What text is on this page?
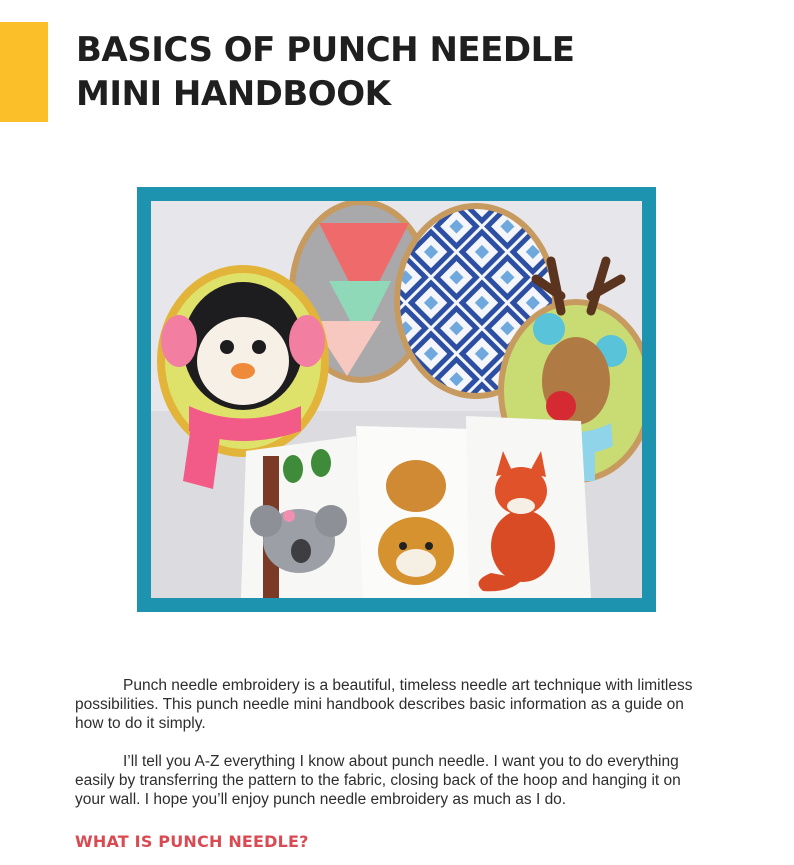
BASICS OF PUNCH NEEDLE
MINI HANDBOOK

Punch needle embroidery is a beautiful, timeless needle art technique with limitless possibilities. This punch needle mini handbook describes basic information as a guide on how to do it simply.

I’ll tell you A-Z everything I know about punch needle. I want you to do everything easily by transferring the pattern to the fabric, closing back of the hoop and hanging it on your wall. I hope you’ll enjoy punch needle embroidery as much as I do.

WHAT IS PUNCH NEEDLE?
